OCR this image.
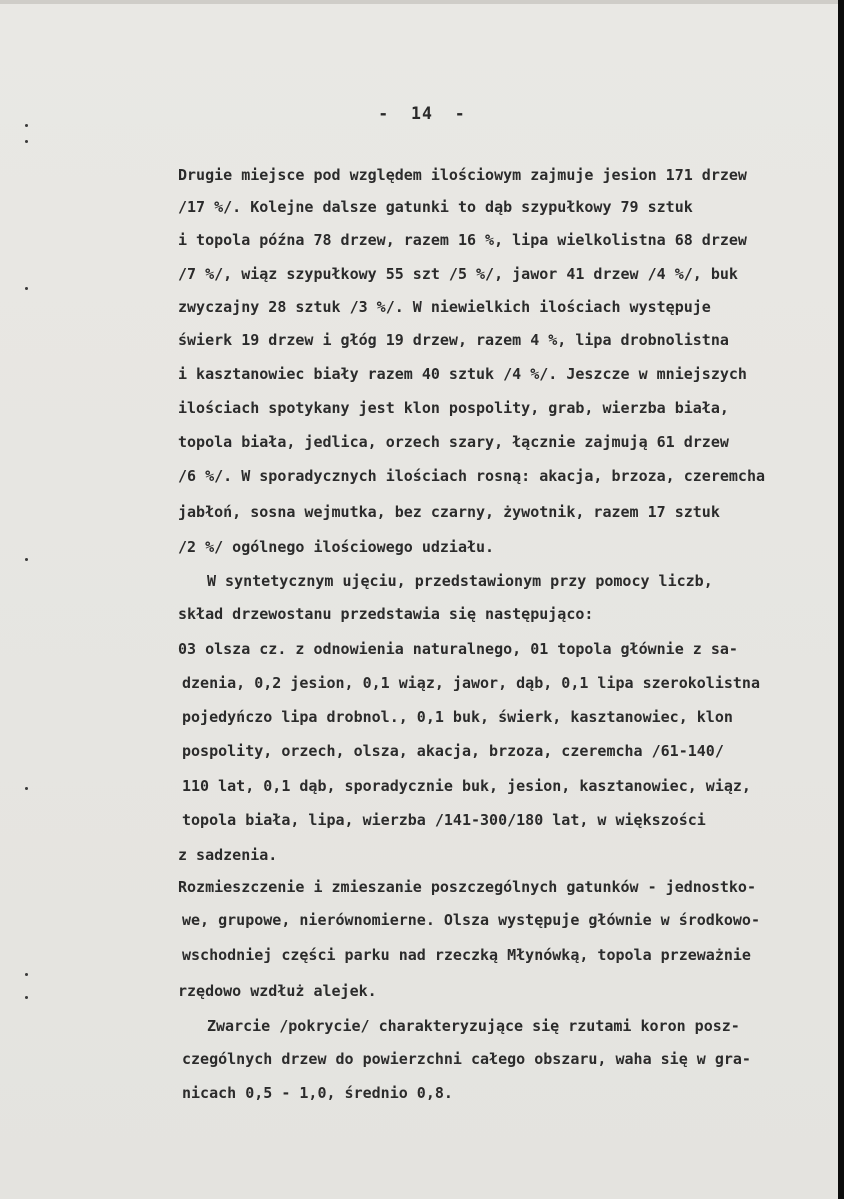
-  14  -
Drugie miejsce pod względem ilościowym zajmuje jesion 171 drzew
/17 %/. Kolejne dalsze gatunki to dąb szypułkowy 79 sztuk
i topola późna 78 drzew, razem 16 %, lipa wielkolistna 68 drzew
/7 %/, wiąz szypułkowy 55 szt /5 %/, jawor 41 drzew /4 %/, buk
zwyczajny 28 sztuk /3 %/. W niewielkich ilościach występuje
świerk 19 drzew i głóg 19 drzew, razem 4 %, lipa drobnolistna
i kasztanowiec biały razem 40 sztuk /4 %/. Jeszcze w mniejszych
ilościach spotykany jest klon pospolity, grab, wierzba biała,
topola biała, jedlica, orzech szary, łącznie zajmują 61 drzew
/6 %/. W sporadycznych ilościach rosną: akacja, brzoza, czeremcha
jabłoń, sosna wejmutka, bez czarny, żywotnik, razem 17 sztuk
/2 %/ ogólnego ilościowego udziału.
W syntetycznym ujęciu, przedstawionym przy pomocy liczb,
skład drzewostanu przedstawia się następująco:
03 olsza cz. z odnowienia naturalnego, 01 topola głównie z sa-
dzenia, 0,2 jesion, 0,1 wiąz, jawor, dąb, 0,1 lipa szerokolistna
pojedyńczo lipa drobnol., 0,1 buk, świerk, kasztanowiec, klon
pospolity, orzech, olsza, akacja, brzoza, czeremcha /61-140/
110 lat, 0,1 dąb, sporadycznie buk, jesion, kasztanowiec, wiąz,
topola biała, lipa, wierzba /141-300/180 lat, w większości
z sadzenia.
Rozmieszczenie i zmieszanie poszczególnych gatunków - jednostko-
we, grupowe, nierównomierne. Olsza występuje głównie w środkowo-
wschodniej części parku nad rzeczką Młynówką, topola przeważnie
rzędowo wzdłuż alejek.
Zwarcie /pokrycie/ charakteryzujące się rzutami koron posz-
czególnych drzew do powierzchni całego obszaru, waha się w gra-
nicach 0,5 - 1,0, średnio 0,8.
